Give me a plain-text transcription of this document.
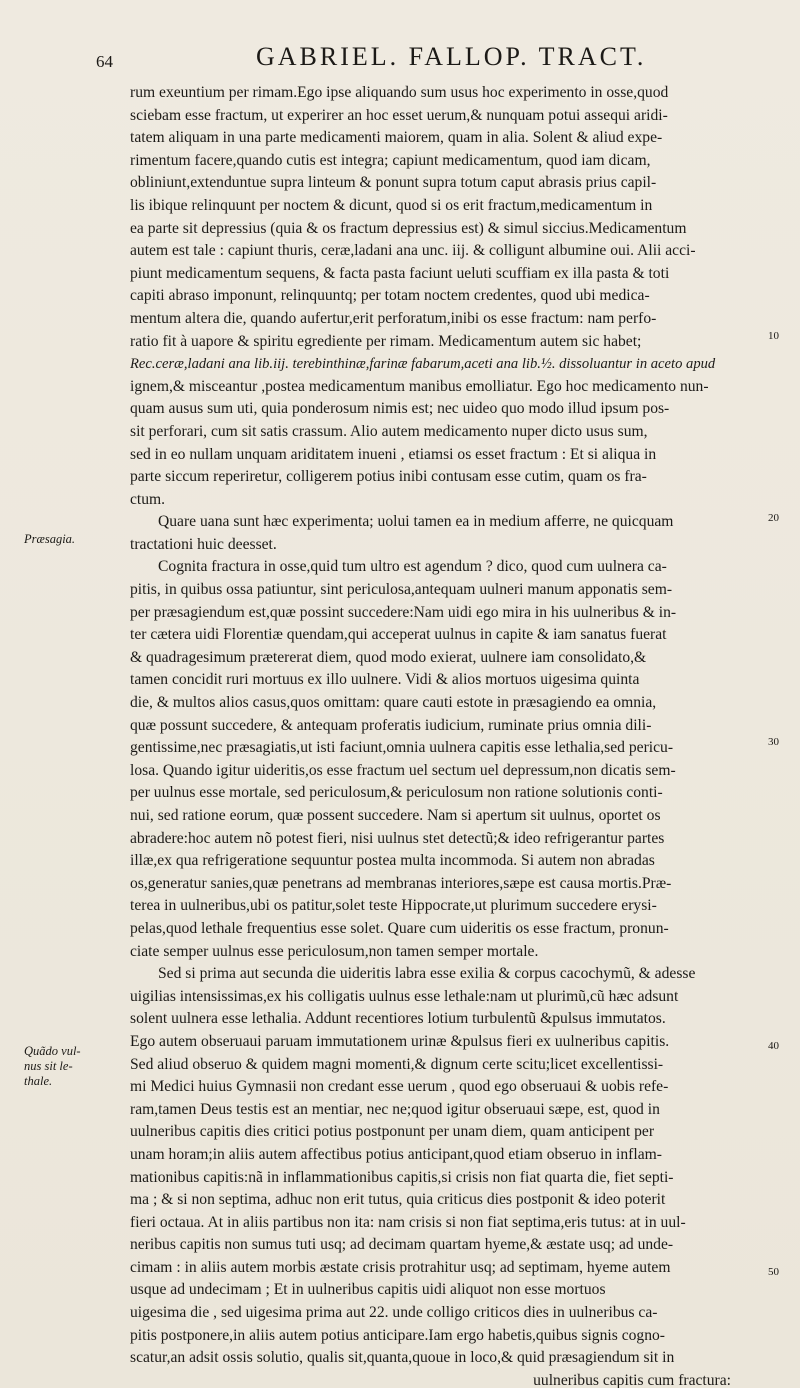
64	GABRIEL. FALLOP. TRACT.
Præsagia.
Quãdo vul-
nus sit le-
thale.
10
20
30
40
50
rum exeuntium per rimam.Ego ipse aliquando sum usus hoc experimento in osse,quod
sciebam esse fractum, ut experirer an hoc esset uerum,& nunquam potui assequi aridi-
tatem aliquam in una parte medicamenti maiorem, quam in alia. Solent & aliud expe-
rimentum facere,quando cutis est integra; capiunt medicamentum, quod iam dicam,
obliniunt,extenduntue supra linteum & ponunt supra totum caput abrasis prius capil-
lis ibique relinquunt per noctem & dicunt, quod si os erit fractum,medicamentum in
ea parte sit depressius (quia & os fractum depressius est) & simul siccius.Medicamentum
autem est tale : capiunt thuris, ceræ,ladani ana unc. iij. & colligunt albumine oui. Alii acci-
piunt medicamentum sequens, & facta pasta faciunt ueluti scuffiam ex illa pasta & toti
capiti abraso imponunt, relinquuntq; per totam noctem credentes, quod ubi medica-
mentum altera die, quando aufertur,erit perforatum,inibi os esse fractum: nam perfo-
ratio fit à uapore & spiritu egrediente per rimam. Medicamentum autem sic habet;
Rec.ceræ,ladani ana lib.iij. terebinthinæ,farinæ fabarum,aceti ana lib.½. dissoluantur in aceto apud
ignem,& misceantur ,postea medicamentum manibus emolliatur. Ego hoc medicamento nun-
quam ausus sum uti, quia ponderosum nimis est; nec uideo quo modo illud ipsum pos-
sit perforari, cum sit satis crassum. Alio autem medicamento nuper dicto usus sum,
sed in eo nullam unquam ariditatem inueni , etiamsi os esset fractum : Et si aliqua in
parte siccum reperiretur, colligerem potius inibi contusam esse cutim, quam os fra-
ctum.
Quare uana sunt hæc experimenta; uolui tamen ea in medium afferre, ne quicquam
tractationi huic deesset.
Cognita fractura in osse,quid tum ultro est agendum ? dico, quod cum uulnera ca-
pitis, in quibus ossa patiuntur, sint periculosa,antequam uulneri manum apponatis sem-
per præsagiendum est,quæ possint succedere:Nam uidi ego mira in his uulneribus & in-
ter cætera uidi Florentiæ quendam,qui acceperat uulnus in capite & iam sanatus fuerat
& quadragesimum prætererat diem, quod modo exierat, uulnere iam consolidato,&
tamen concidit ruri mortuus ex illo uulnere. Vidi & alios mortuos uigesima quinta
die, & multos alios casus,quos omittam: quare cauti estote in præsagiendo ea omnia,
quæ possunt succedere, & antequam proferatis iudicium, ruminate prius omnia dili-
gentissime,nec præsagiatis,ut isti faciunt,omnia uulnera capitis esse lethalia,sed pericu-
losa. Quando igitur uideritis,os esse fractum uel sectum uel depressum,non dicatis sem-
per uulnus esse mortale, sed periculosum,& periculosum non ratione solutionis conti-
nui, sed ratione eorum, quæ possent succedere. Nam si apertum sit uulnus, oportet os
abradere:hoc autem nõ potest fieri, nisi uulnus stet detectũ;& ideo refrigerantur partes
illæ,ex qua refrigeratione sequuntur postea multa incommoda. Si autem non abradas
os,generatur sanies,quæ penetrans ad membranas interiores,sæpe est causa mortis.Præ-
terea in uulneribus,ubi os patitur,solet teste Hippocrate,ut plurimum succedere erysi-
pelas,quod lethale frequentius esse solet. Quare cum uideritis os esse fractum, pronun-
ciate semper uulnus esse periculosum,non tamen semper mortale.
Sed si prima aut secunda die uideritis labra esse exilia & corpus cacochymũ, & adesse
uigilias intensissimas,ex his colligatis uulnus esse lethale:nam ut plurimũ,cũ hæc adsunt
solent uulnera esse lethalia. Addunt recentiores lotium turbulentũ &pulsus immutatos.
Ego autem obseruaui paruam immutationem urinæ &pulsus fieri ex uulneribus capitis.
Sed aliud obseruo & quidem magni momenti,& dignum certe scitu;licet excellentissi-
mi Medici huius Gymnasii non credant esse uerum , quod ego obseruaui & uobis refe-
ram,tamen Deus testis est an mentiar, nec ne;quod igitur obseruaui sæpe, est, quod in
uulneribus capitis dies critici potius postponunt per unam diem, quam anticipent per
unam horam;in aliis autem affectibus potius anticipant,quod etiam obseruo in inflam-
mationibus capitis:nã in inflammationibus capitis,si crisis non fiat quarta die, fiet septi-
ma ; & si non septima, adhuc non erit tutus, quia criticus dies postponit & ideo poterit
fieri octaua. At in aliis partibus non ita: nam crisis si non fiat septima,eris tutus: at in uul-
neribus capitis non sumus tuti usq; ad decimam quartam hyeme,& æstate usq; ad unde-
cimam : in aliis autem morbis æstate crisis protrahitur usq; ad septimam, hyeme autem
usque ad undecimam ; Et in uulneribus capitis uidi aliquot non esse mortuos
uigesima die , sed uigesima prima aut 22. unde colligo criticos dies in uulneribus ca-
pitis postponere,in aliis autem potius anticipare.Iam ergo habetis,quibus signis cogno-
scatur,an adsit ossis solutio, qualis sit,quanta,quoue in loco,& quid præsagiendum sit in
uulneribus capitis cum fractura:
